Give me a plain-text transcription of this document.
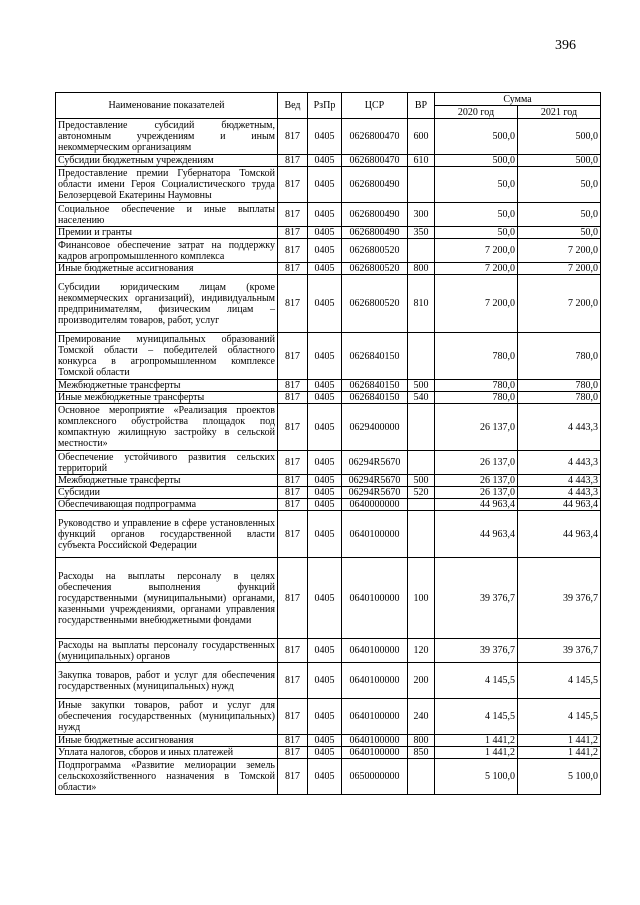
396
Наименование показателей	Вед	РзПр	ЦСР	ВР	Сумма	
					2020 год	2021 год
Предоставление субсидий бюджетным, автономным учреждениям и иным некоммерческим организациям	817	0405	0626800470	600	500,0	500,0
Субсидии бюджетным учреждениям	817	0405	0626800470	610	500,0	500,0
Предоставление премии Губернатора Томской области имени Героя Социалистического труда Белозерцевой Екатерины Наумовны	817	0405	0626800490		50,0	50,0
Социальное обеспечение и иные выплаты населению	817	0405	0626800490	300	50,0	50,0
Премии и гранты	817	0405	0626800490	350	50,0	50,0
Финансовое обеспечение затрат на поддержку кадров агропромышленного комплекса	817	0405	0626800520		7 200,0	7 200,0
Иные бюджетные ассигнования	817	0405	0626800520	800	7 200,0	7 200,0
Субсидии юридическим лицам (кроме некоммерческих организаций), индивидуальным предпринимателям, физическим лицам – производителям товаров, работ, услуг	817	0405	0626800520	810	7 200,0	7 200,0
Премирование муниципальных образований Томской области – победителей областного конкурса в агропромышленном комплексе Томской области	817	0405	0626840150		780,0	780,0
Межбюджетные трансферты	817	0405	0626840150	500	780,0	780,0
Иные межбюджетные трансферты	817	0405	0626840150	540	780,0	780,0
Основное мероприятие «Реализация проектов комплексного обустройства площадок под компактную жилищную застройку в сельской местности»	817	0405	0629400000		26 137,0	4 443,3
Обеспечение устойчивого развития сельских территорий	817	0405	06294R5670		26 137,0	4 443,3
Межбюджетные трансферты	817	0405	06294R5670	500	26 137,0	4 443,3
Субсидии	817	0405	06294R5670	520	26 137,0	4 443,3
Обеспечивающая подпрограмма	817	0405	0640000000		44 963,4	44 963,4
Руководство и управление в сфере установленных функций органов государственной власти субъекта Российской Федерации	817	0405	0640100000		44 963,4	44 963,4
Расходы на выплаты персоналу в целях обеспечения выполнения функций государственными (муниципальными) органами, казенными учреждениями, органами управления государственными внебюджетными фондами	817	0405	0640100000	100	39 376,7	39 376,7
Расходы на выплаты персоналу государственных (муниципальных) органов	817	0405	0640100000	120	39 376,7	39 376,7
Закупка товаров, работ и услуг для обеспечения государственных (муниципальных) нужд	817	0405	0640100000	200	4 145,5	4 145,5
Иные закупки товаров, работ и услуг для обеспечения государственных (муниципальных) нужд	817	0405	0640100000	240	4 145,5	4 145,5
Иные бюджетные ассигнования	817	0405	0640100000	800	1 441,2	1 441,2
Уплата налогов, сборов и иных платежей	817	0405	0640100000	850	1 441,2	1 441,2
Подпрограмма «Развитие мелиорации земель сельскохозяйственного назначения в Томской области»	817	0405	0650000000		5 100,0	5 100,0
